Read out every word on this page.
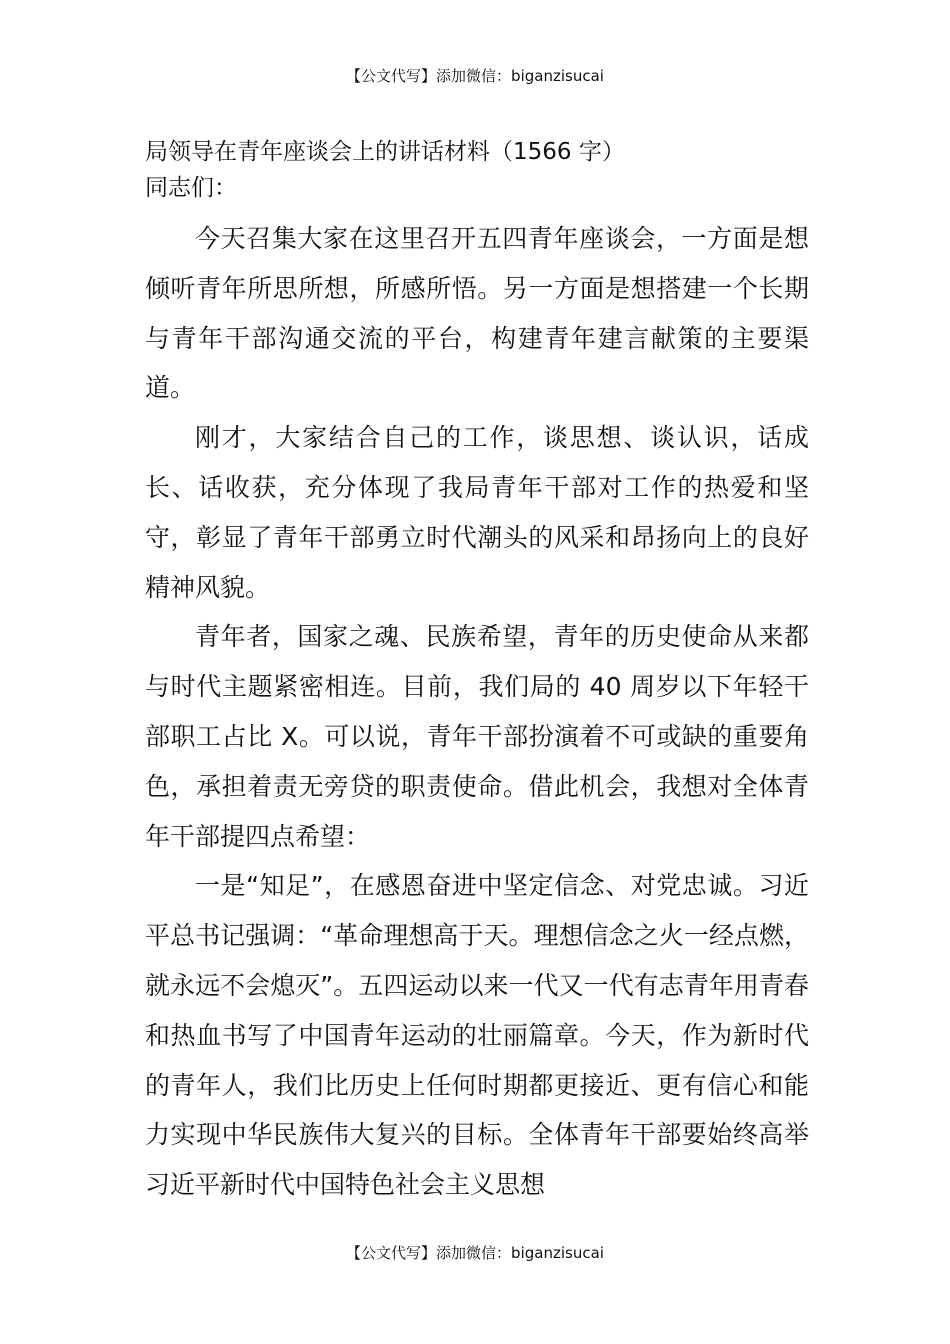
【公文代写】添加微信：biganzisucai

局领导在青年座谈会上的讲话材料（1566 字）

同志们：

今天召集大家在这里召开五四青年座谈会，一方面是想倾听青年所思所想，所感所悟。另一方面是想搭建一个长期与青年干部沟通交流的平台，构建青年建言献策的主要渠道。

刚才，大家结合自己的工作，谈思想、谈认识，话成长、话收获，充分体现了我局青年干部对工作的热爱和坚守，彰显了青年干部勇立时代潮头的风采和昂扬向上的良好精神风貌。

青年者，国家之魂、民族希望，青年的历史使命从来都与时代主题紧密相连。目前，我们局的 40 周岁以下年轻干部职工占比 X。可以说，青年干部扮演着不可或缺的重要角色，承担着责无旁贷的职责使命。借此机会，我想对全体青年干部提四点希望：

一是“知足”，在感恩奋进中坚定信念、对党忠诚。习近平总书记强调：“革命理想高于天。理想信念之火一经点燃，就永远不会熄灭”。五四运动以来一代又一代有志青年用青春和热血书写了中国青年运动的壮丽篇章。今天，作为新时代的青年人，我们比历史上任何时期都更接近、更有信心和能力实现中华民族伟大复兴的目标。全体青年干部要始终高举习近平新时代中国特色社会主义思想

【公文代写】添加微信：biganzisucai
